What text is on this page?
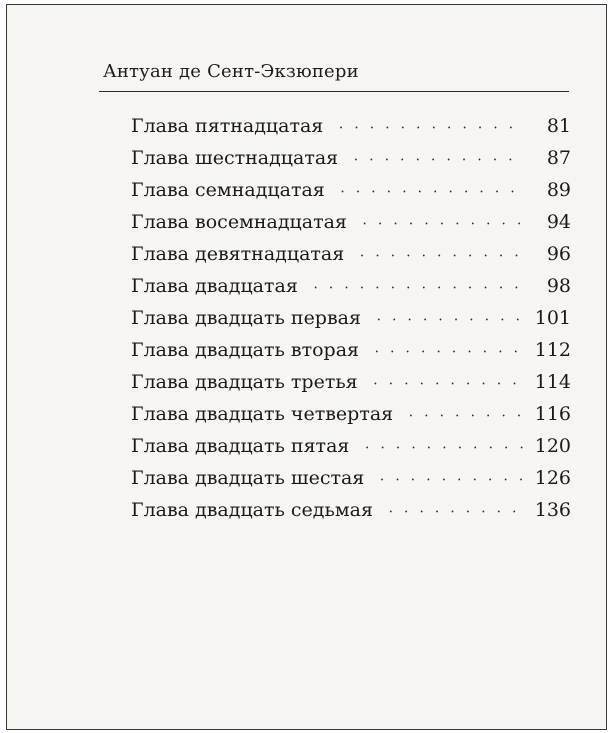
Антуан де Сент-Экзюпери
Глава пятнадцатая • • •	81
Глава шестнадцатая • • •	87
Глава семнадцатая • • •	89
Глава восемнадцатая • • •	94
Глава девятнадцатая • • •	96
Глава двадцатая • • •	98
Глава двадцать первая • • •	101
Глава двадцать вторая • • •	112
Глава двадцать третья • • •	114
Глава двадцать четвертая • • •	116
Глава двадцать пятая • • •	120
Глава двадцать шестая • • •	126
Глава двадцать седьмая • • •	136
